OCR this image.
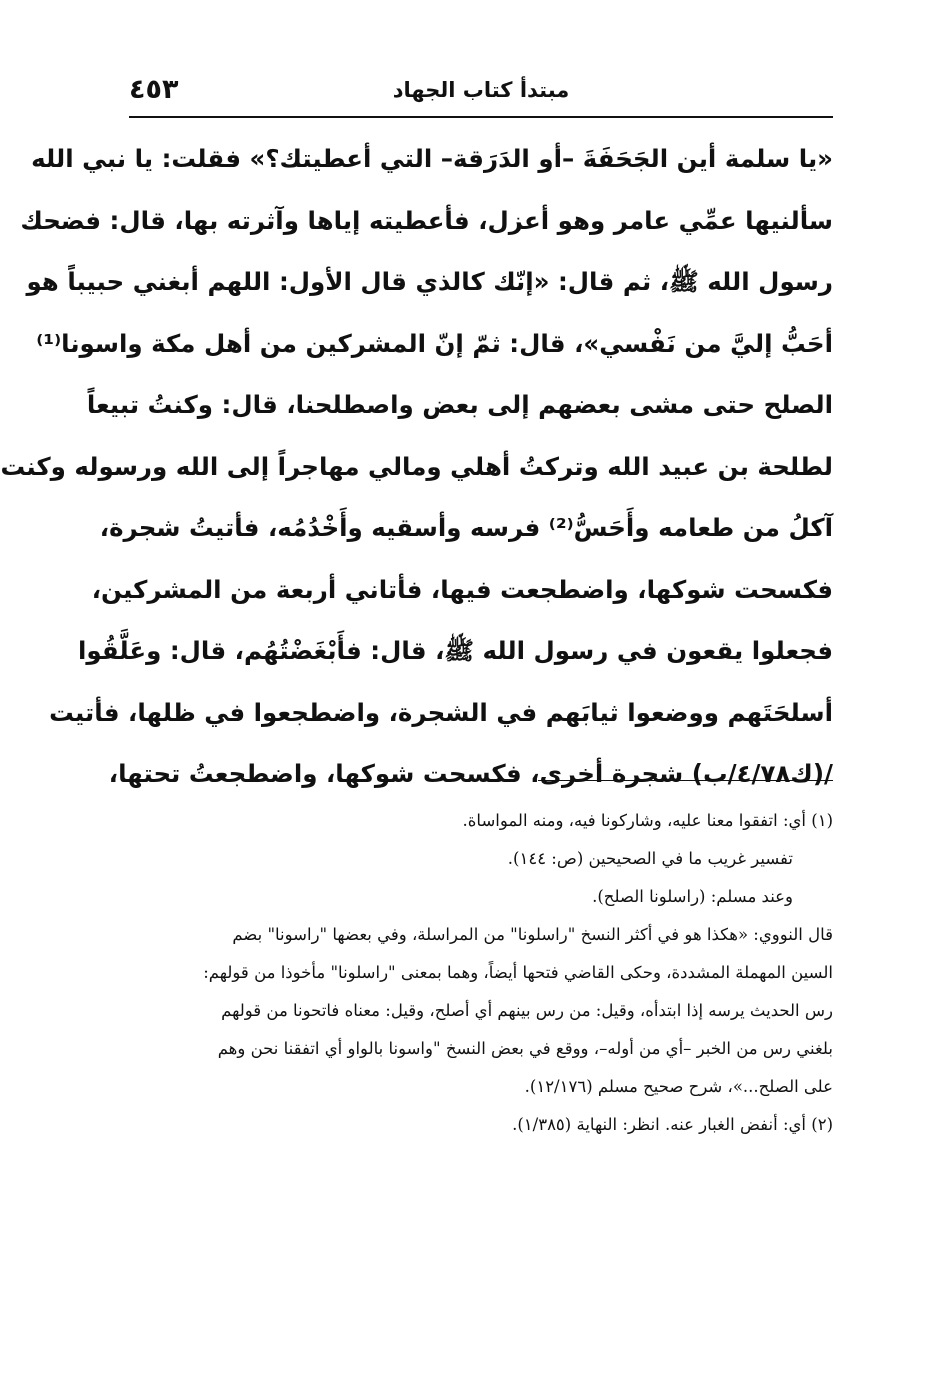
مبتدأ كتاب الجهاد
٤٥٣
«يا سلمة أين الجَحَفَةَ –أو الدَرَقة– التي أعطيتك؟» فقلت: يا نبي الله
سألنيها عمِّي عامر وهو أعزل، فأعطيته إياها وآثرته بها، قال: فضحك
رسول الله ﷺ، ثم قال: «إنّك كالذي قال الأول: اللهم أبغني حبيباً هو
أحَبُّ إليَّ من نَفْسي»، قال: ثمّ إنّ المشركين من أهل مكة واسونا⁽¹⁾
الصلح حتى مشى بعضهم إلى بعض واصطلحنا، قال: وكنتُ تبيعاً
لطلحة بن عبيد الله وتركتُ أهلي ومالي مهاجراً إلى الله ورسوله وكنت
آكلُ من طعامه وأَحَسُّ⁽²⁾ فرسه وأسقيه وأَخْدُمُه، فأتيتُ شجرة،
فكسحت شوكها، واضطجعت فيها، فأتاني أربعة من المشركين،
فجعلوا يقعون في رسول الله ﷺ، قال: فأَبْغَضْتُهُم، قال: وعَلَّقُوا
أسلحَتَهم ووضعوا ثيابَهم في الشجرة، واضطجعوا في ظلها، فأتيت
/(ك٤/٧٨/ب) شجرة أخرى، فكسحت شوكها، واضطجعتُ تحتها،
(١) أي: اتفقوا معنا عليه، وشاركونا فيه، ومنه المواساة.
تفسير غريب ما في الصحيحين (ص: ١٤٤).
وعند مسلم: (راسلونا الصلح).
قال النووي: «هكذا هو في أكثر النسخ "راسلونا" من المراسلة، وفي بعضها "راسونا" بضم
السين المهملة المشددة، وحكى القاضي فتحها أيضاً، وهما بمعنى "راسلونا" مأخوذا من قولهم:
رس الحديث يرسه إذا ابتدأه، وقيل: من رس بينهم أي أصلح، وقيل: معناه فاتحونا من قولهم
بلغني رس من الخبر –أي من أوله–، ووقع في بعض النسخ "واسونا بالواو أي اتفقنا نحن وهم
على الصلح...»، شرح صحيح مسلم (١٢/١٧٦).
(٢) أي: أنفض الغبار عنه. انظر: النهاية (١/٣٨٥).
